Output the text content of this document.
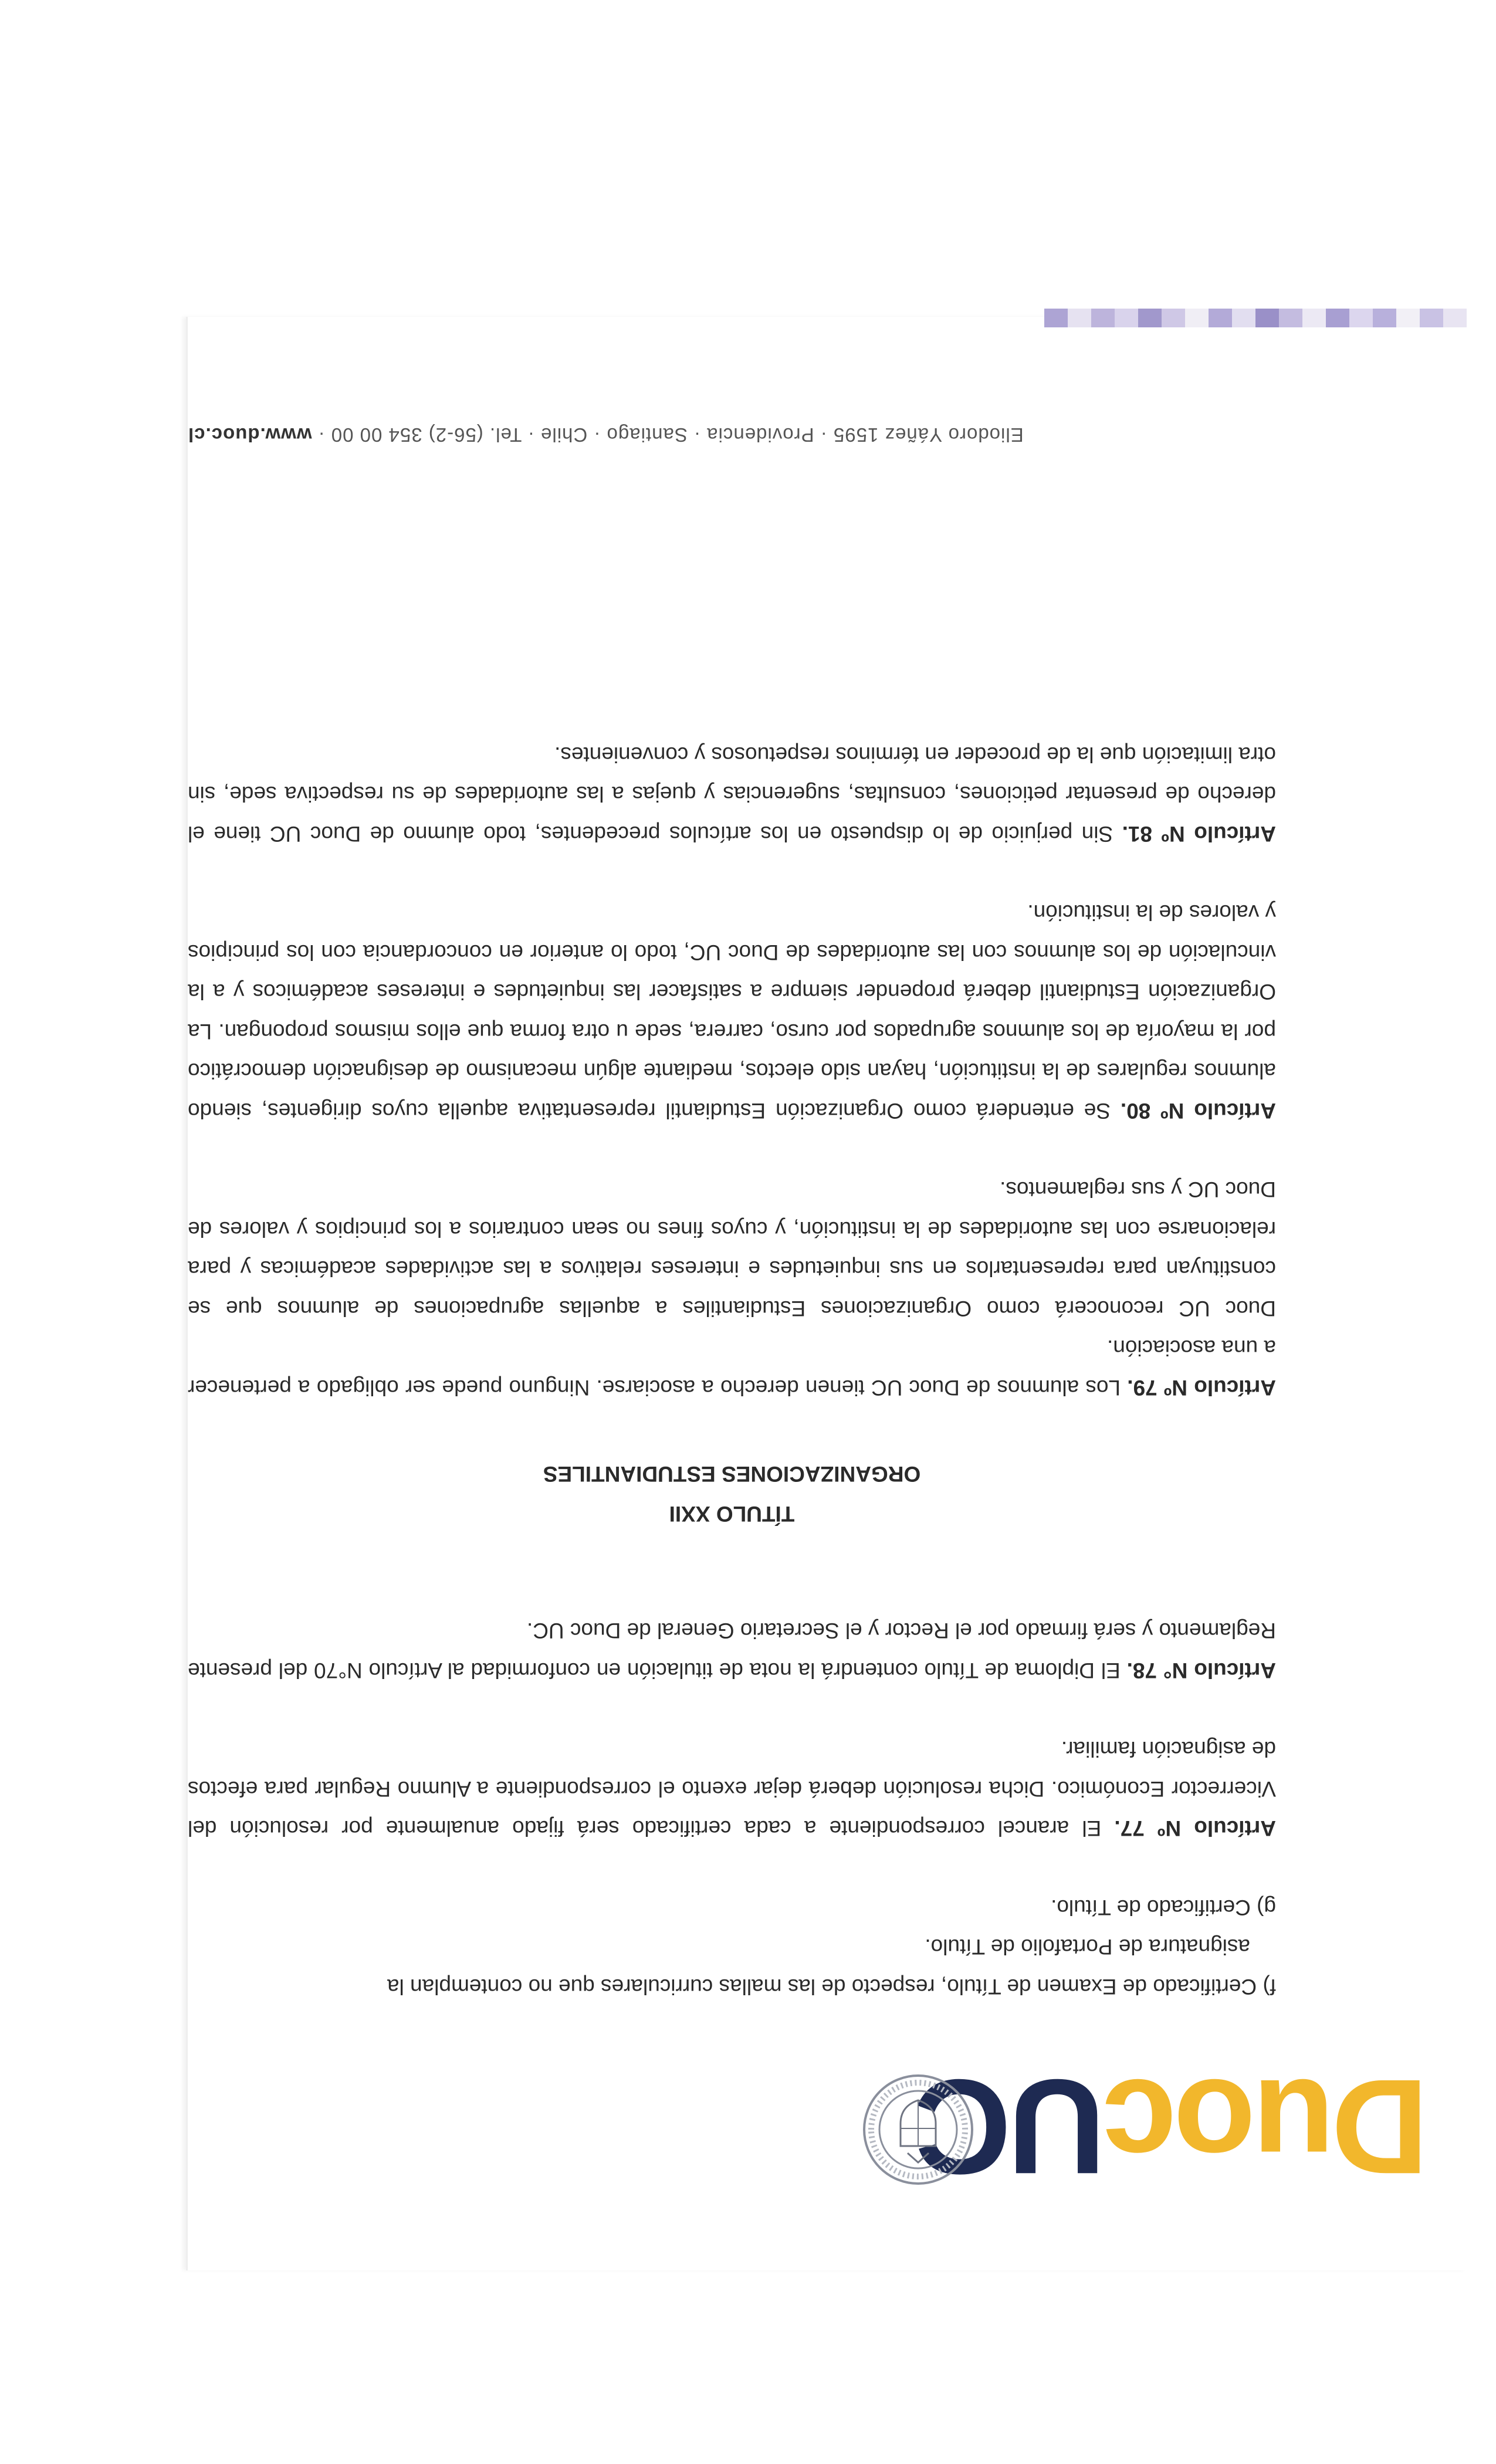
DuocUC

f) Certificado de Examen de Título, respecto de las mallas curriculares que no contemplan la

asignatura de Portafolio de Título.

g) Certificado de Título.

Artículo Nº 77. El arancel correspondiente a cada certificado será fijado anualmente por resolución del Vicerrector Económico. Dicha resolución deberá dejar exento el correspondiente a Alumno Regular para efectos de asignación familiar.

Artículo N° 78. El Diploma de Título contendrá la nota de titulación en conformidad al Artículo N°70 del presente Reglamento y será firmado por el Rector y el Secretario General de Duoc UC.

TÍTULO XXII
ORGANIZACIONES ESTUDIANTILES

Artículo Nº 79. Los alumnos de Duoc UC tienen derecho a asociarse. Ninguno puede ser obligado a pertenecer a una asociación.

Duoc UC reconocerá como Organizaciones Estudiantiles a aquellas agrupaciones de alumnos que se constituyan para representarlos en sus inquietudes e intereses relativos a las actividades académicas y para relacionarse con las autoridades de la institución, y cuyos fines no sean contrarios a los principios y valores de Duoc UC y sus reglamentos.

Artículo Nº 80. Se entenderá como Organización Estudiantil representativa aquella cuyos dirigentes, siendo alumnos regulares de la institución, hayan sido electos, mediante algún mecanismo de designación democrático por la mayoría de los alumnos agrupados por curso, carrera, sede u otra forma que ellos mismos propongan. La Organización Estudiantil deberá propender siempre a satisfacer las inquietudes e intereses académicos y a la vinculación de los alumnos con las autoridades de Duoc UC, todo lo anterior en concordancia con los principios y valores de la institución.

Artículo Nº 81. Sin perjuicio de lo dispuesto en los artículos precedentes, todo alumno de Duoc UC tiene el derecho de presentar peticiones, consultas, sugerencias y quejas a las autoridades de su respectiva sede, sin otra limitación que la de proceder en términos respetuosos y convenientes.

Eliodoro Yáñez 1595 · Providencia · Santiago · Chile · Tel. (56-2) 354 00 00 · www.duoc.cl
